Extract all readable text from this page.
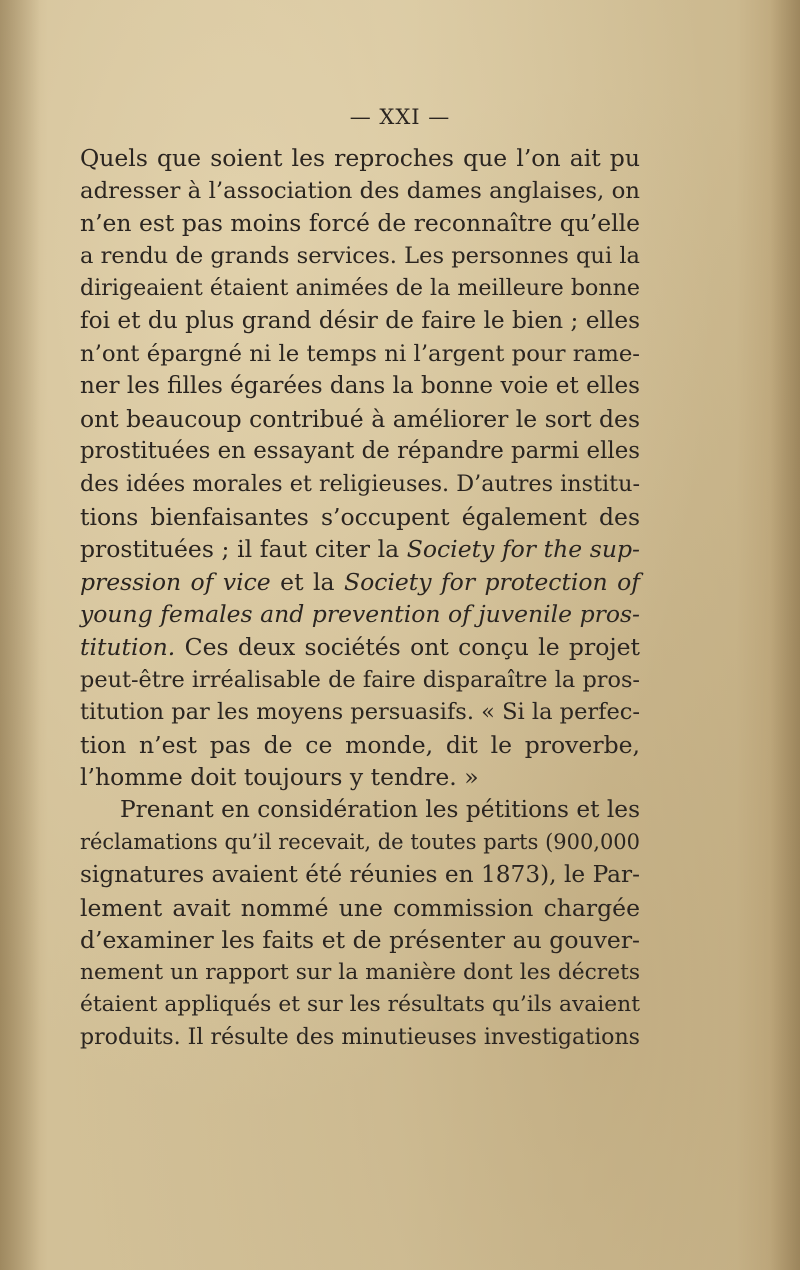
— XXI —
Quels que soient les reproches que l’on ait pu
adresser à l’association des dames anglaises, on
n’en est pas moins forcé de reconnaître qu’elle
a rendu de grands services. Les personnes qui la
dirigeaient étaient animées de la meilleure bonne
foi et du plus grand désir de faire le bien ; elles
n’ont épargné ni le temps ni l’argent pour rame-
ner les filles égarées dans la bonne voie et elles
ont beaucoup contribué à améliorer le sort des
prostituées en essayant de répandre parmi elles
des idées morales et religieuses. D’autres institu-
tions bienfaisantes s’occupent également des
prostituées ; il faut citer la Society for the sup-
pression of vice et la Society for protection of
young females and prevention of juvenile pros-
titution. Ces deux sociétés ont conçu le projet
peut-être irréalisable de faire disparaître la pros-
titution par les moyens persuasifs. « Si la perfec-
tion n’est pas de ce monde, dit le proverbe,
l’homme doit toujours y tendre. »
Prenant en considération les pétitions et les
réclamations qu’il recevait, de toutes parts (900,000
signatures avaient été réunies en 1873), le Par-
lement avait nommé une commission chargée
d’examiner les faits et de présenter au gouver-
nement un rapport sur la manière dont les décrets
étaient appliqués et sur les résultats qu’ils avaient
produits. Il résulte des minutieuses investigations
